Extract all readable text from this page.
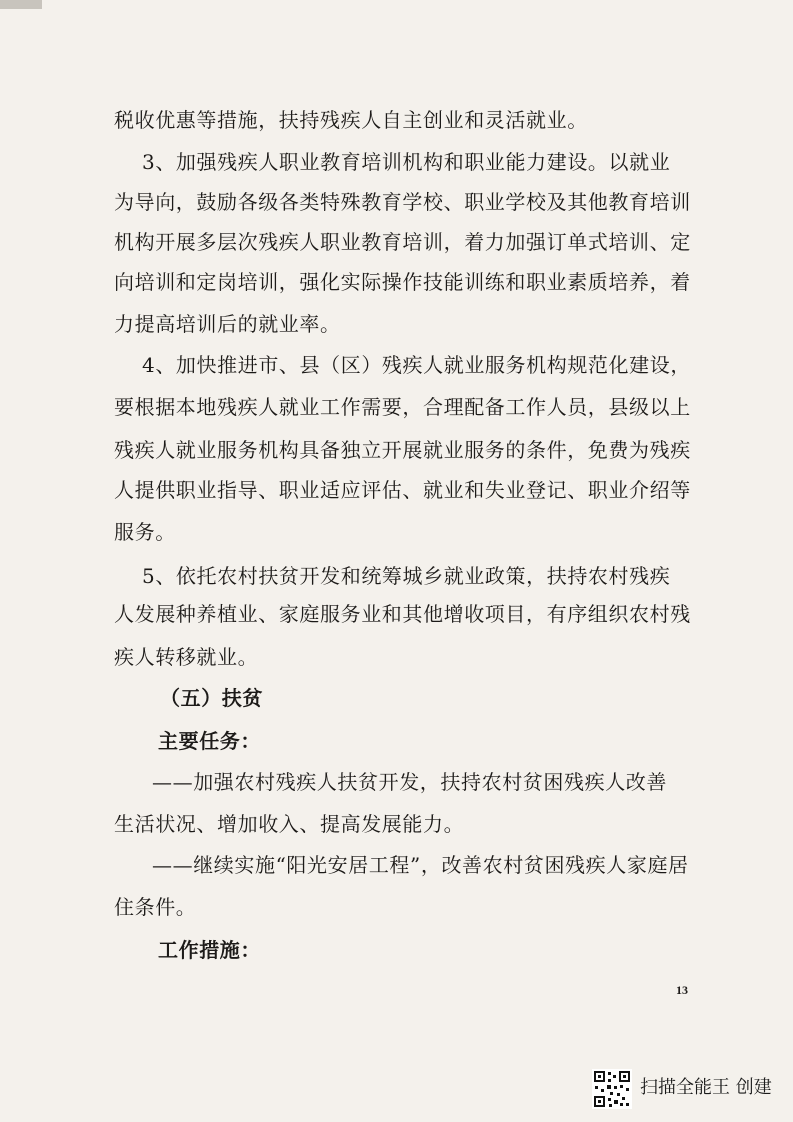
税收优惠等措施，扶持残疾人自主创业和灵活就业。
3、加强残疾人职业教育培训机构和职业能力建设。以就业
为导向，鼓励各级各类特殊教育学校、职业学校及其他教育培训
机构开展多层次残疾人职业教育培训，着力加强订单式培训、定
向培训和定岗培训，强化实际操作技能训练和职业素质培养，着
力提高培训后的就业率。
4、加快推进市、县（区）残疾人就业服务机构规范化建设，
要根据本地残疾人就业工作需要，合理配备工作人员，县级以上
残疾人就业服务机构具备独立开展就业服务的条件，免费为残疾
人提供职业指导、职业适应评估、就业和失业登记、职业介绍等
服务。
5、依托农村扶贫开发和统筹城乡就业政策，扶持农村残疾
人发展种养植业、家庭服务业和其他增收项目，有序组织农村残
疾人转移就业。
（五）扶贫
主要任务：
——加强农村残疾人扶贫开发，扶持农村贫困残疾人改善
生活状况、增加收入、提高发展能力。
——继续实施“阳光安居工程”，改善农村贫困残疾人家庭居
住条件。
工作措施：
13
扫描全能王 创建
